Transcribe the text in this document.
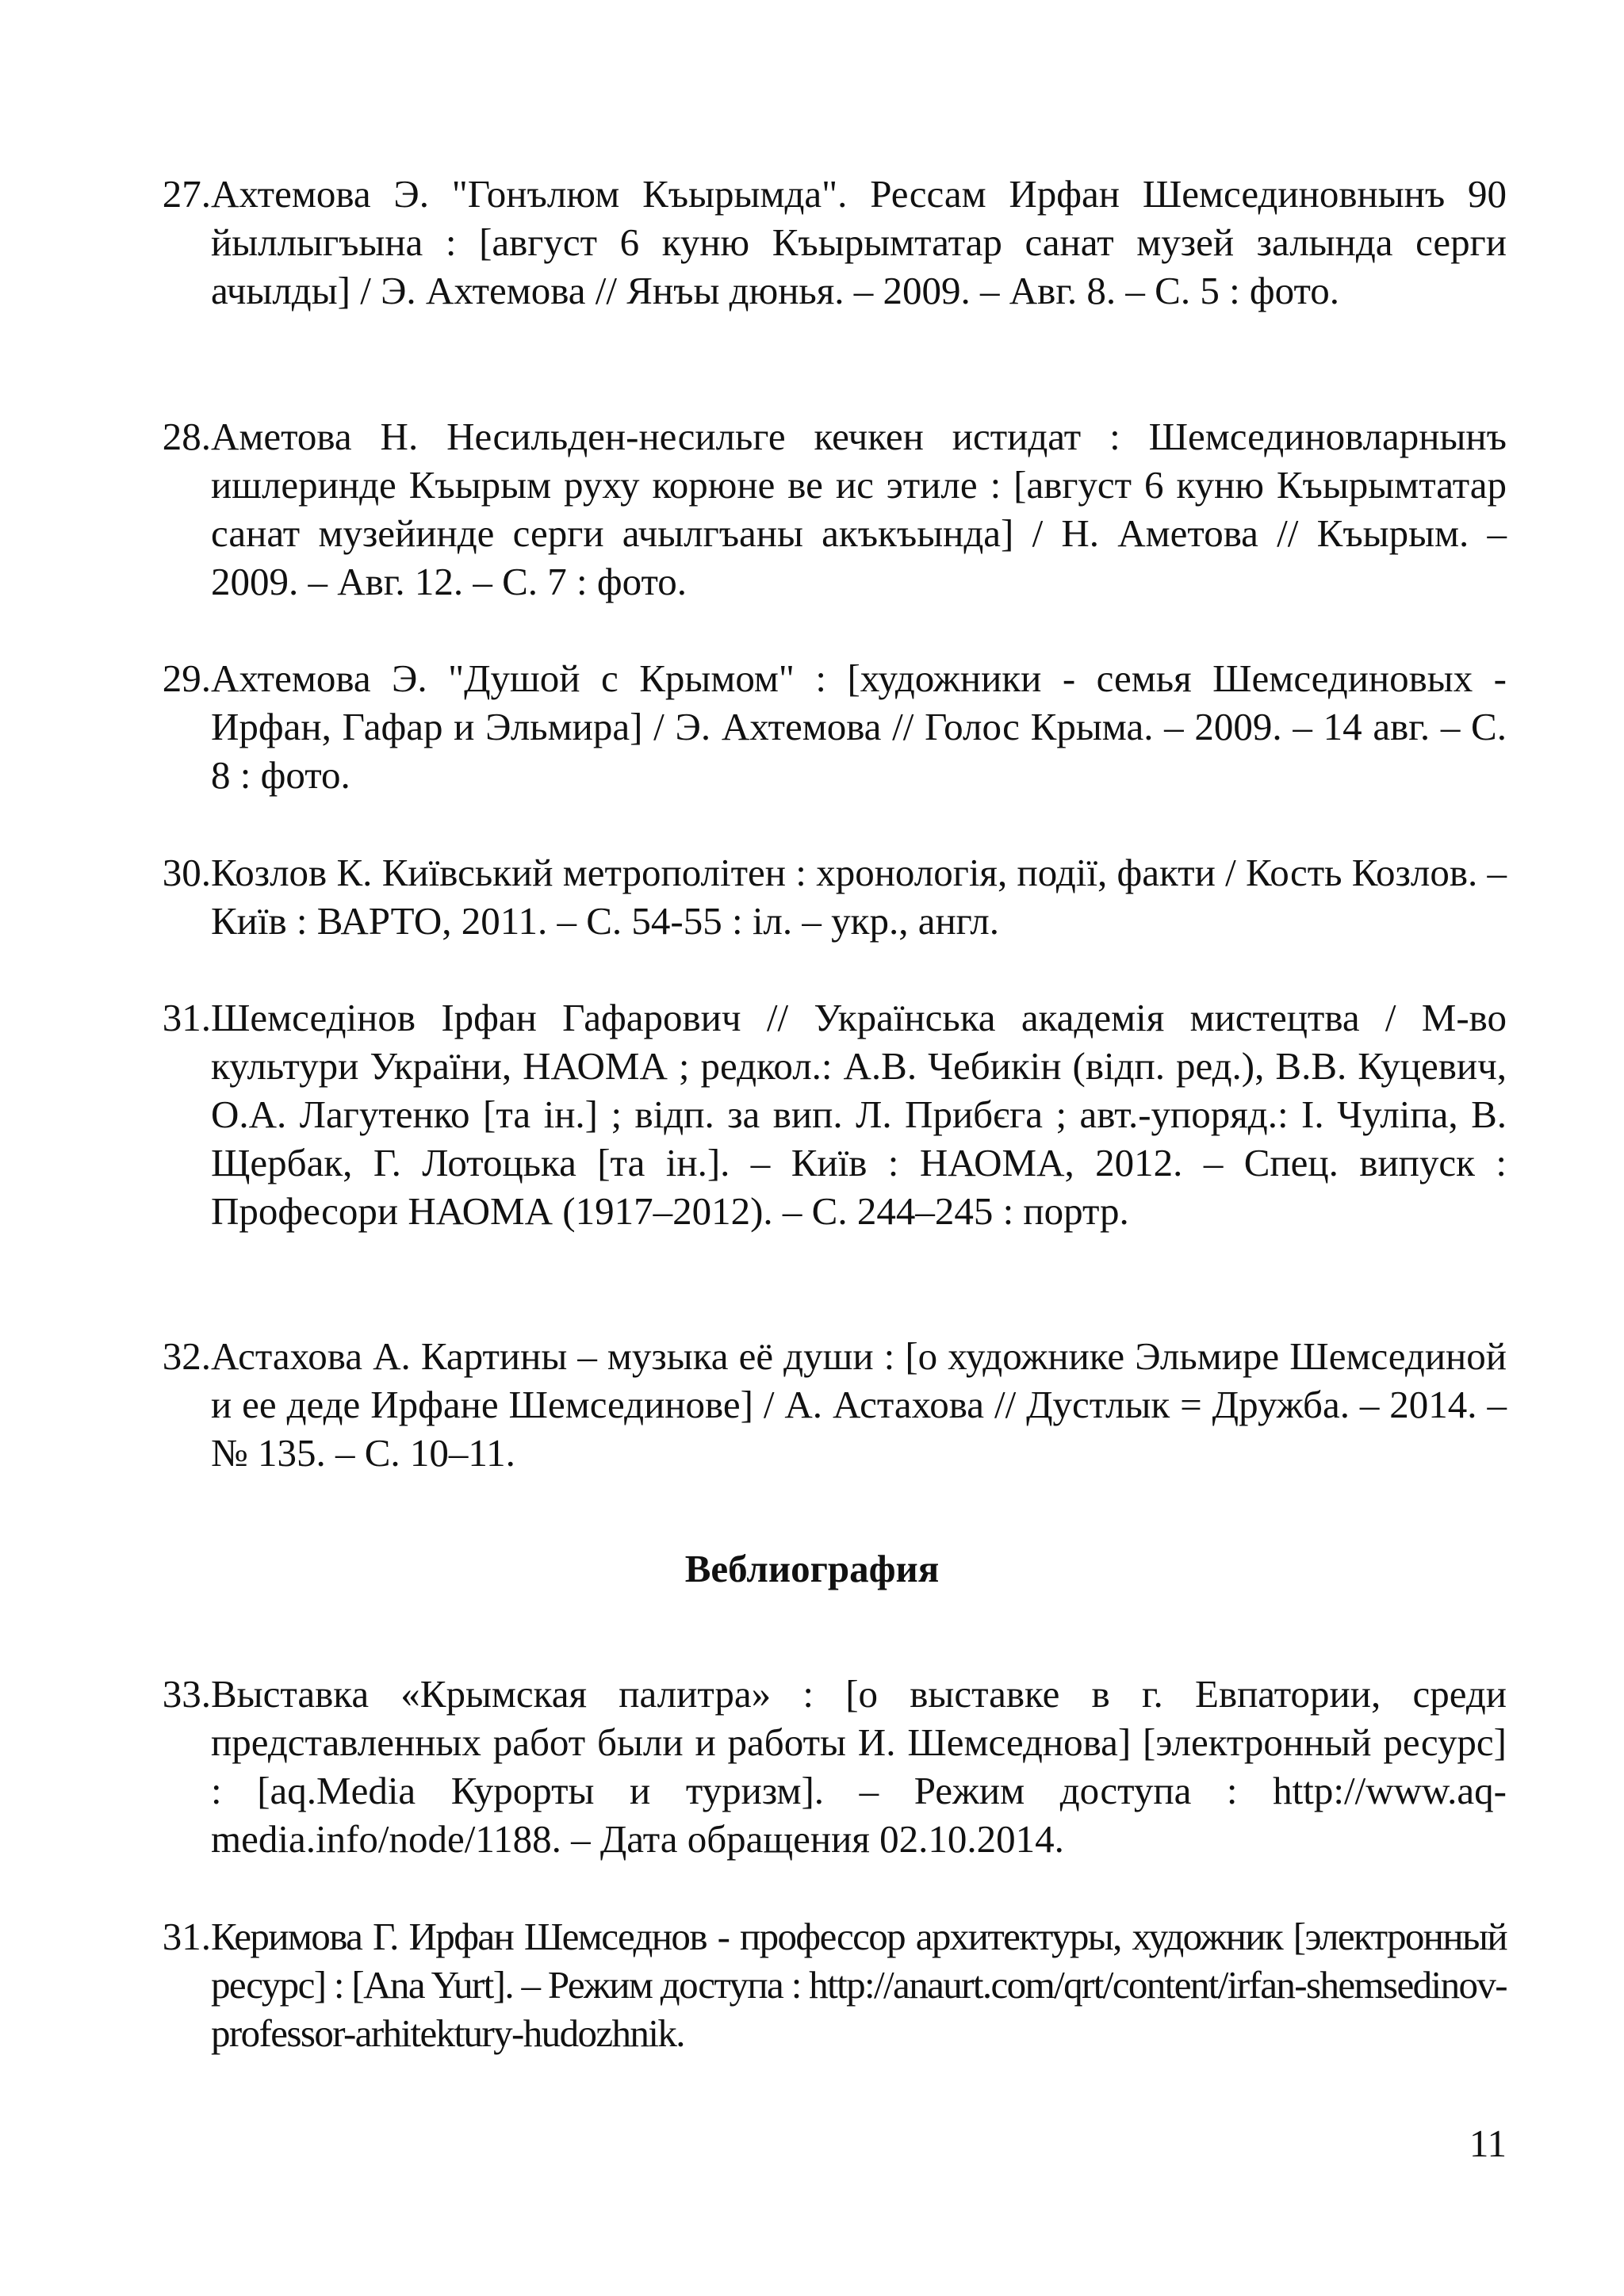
27. Ахтемова Э. "Гонълюм Къырымда". Рессам Ирфан Шемсединовнынъ 90 йыллыгъына : [август 6 куню Къырымтатар санат музей залында серги ачылды] / Э. Ахтемова // Янъы дюнья. – 2009. – Авг. 8. – С. 5 : фото.
28. Аметова Н. Несильден-несильге кечкен истидат : Шемсединовларнынъ ишлеринде Къырым руху корюне ве ис этиле : [август 6 куню Къырымтатар санат музейинде серги ачылгъаны акъкъында] / Н. Аметова // Къырым. – 2009. – Авг. 12. – С. 7 : фото.
29. Ахтемова Э. "Душой с Крымом" : [художники - семья Шемсединовых - Ирфан, Гафар и Эльмира] / Э. Ахтемова // Голос Крыма. – 2009. – 14 авг. – С. 8 : фото.
30. Козлов К. Київський метрополітен : хронологія, події, факти / Кость Козлов. – Київ : ВАРТО, 2011. – С. 54-55 : іл. – укр., англ.
31. Шемседінов Ірфан Гафарович // Українська академія мистецтва / М-во культури України, НАОМА ; редкол.: А.В. Чебикін (відп. ред.), В.В. Куцевич, О.А. Лагутенко [та ін.] ; відп. за вип. Л. Прибєга ; авт.-упоряд.: І. Чуліпа, В. Щербак, Г. Лотоцька [та ін.]. – Київ : НАОМА, 2012. – Спец. випуск : Професори НАОМА (1917–2012). – С. 244–245 : портр.
32. Астахова А. Картины – музыка её души : [о художнике Эльмире Шемсединой и ее деде Ирфане Шемсединове] / А. Астахова // Дустлык = Дружба. – 2014. – № 135. – С. 10–11.
Веблиография
33. Выставка «Крымская палитра» : [о выставке в г. Евпатории, среди представленных работ были и работы И. Шемседнова] [электронный ресурс] : [aq.Media Курорты и туризм]. – Режим доступа : http://www.aq-media.info/node/1188. – Дата обращения 02.10.2014.
31. Керимова Г. Ирфан Шемседнов - профессор архитектуры, художник [электронный ресурс] : [Ana Yurt]. – Режим доступа : http://anaurt.com/qrt/content/irfan-shemsedinov-professor-arhitektury-hudozhnik.
11
